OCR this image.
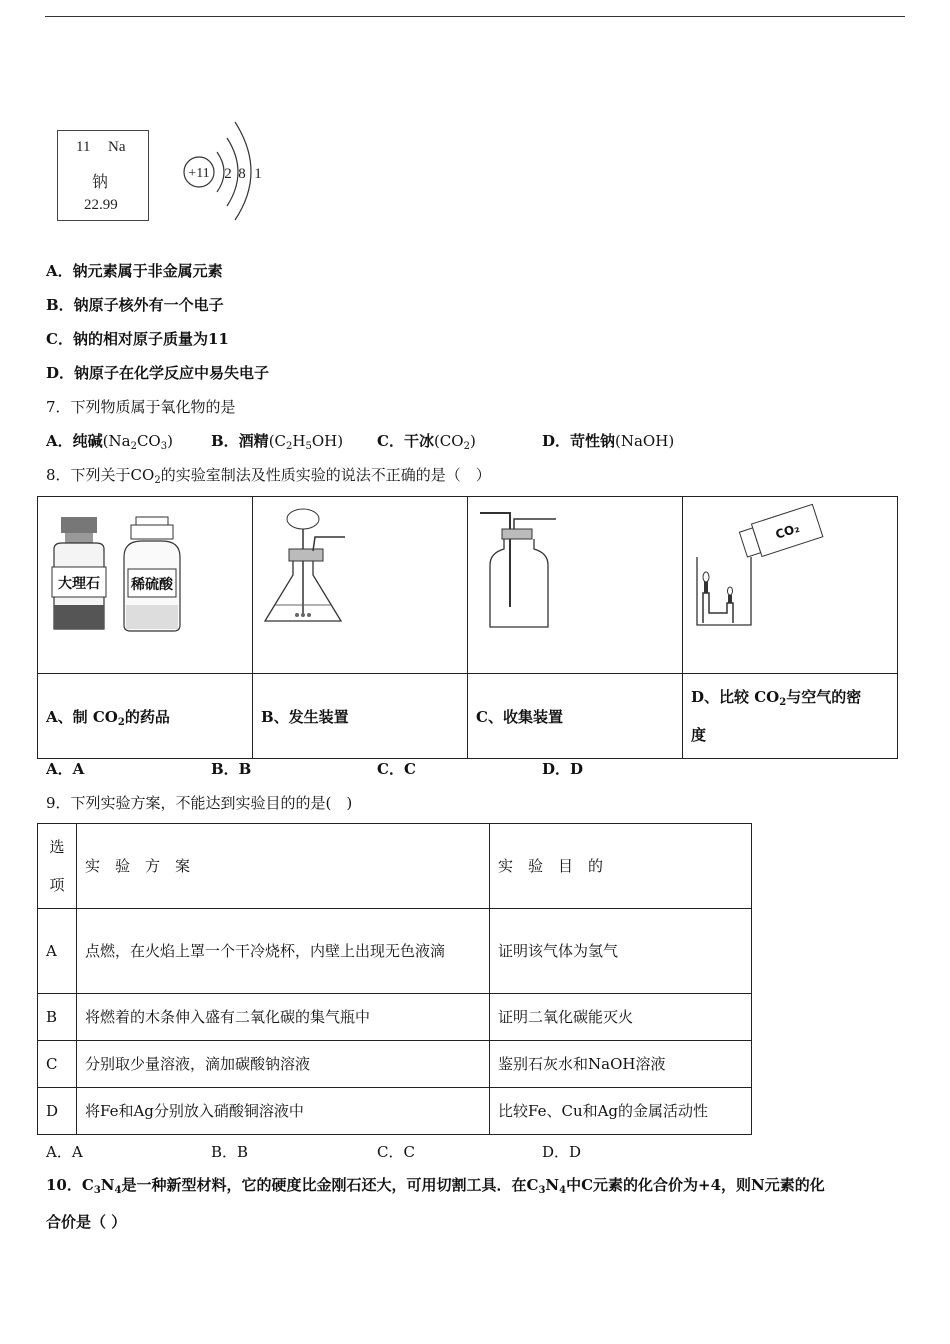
11 Na
钠
22.99
+11 2 8 1
A．钠元素属于非金属元素
B．钠原子核外有一个电子
C．钠的相对原子质量为11
D．钠原子在化学反应中易失电子
7．下列物质属于氧化物的是
A．纯碱$(Na_2CO_3)$	B．酒精$(C_2H_5OH)$ C．干冰$(CO_2)$	D．苛性钠(NaOH)
8．下列关于$CO_2$的实验室制法及性质实验的说法不正确的是（　）
大理石 稀硫酸			CO₂

A、制 $CO_2$的药品	B、发生装置	C、收集装置	D、比较 $CO_2$与空气的密
度
A．A	B．B	C．C	D．D
9．下列实验方案，不能达到实验目的的是(　)
选项	实　验　方　案	实　验　目　的
A	点燃，在火焰上罩一个干冷烧杯，内壁上出现无色液滴	证明该气体为氢气
B	将燃着的木条伸入盛有二氧化碳的集气瓶中	证明二氧化碳能灭火
C	分别取少量溶液，滴加碳酸钠溶液	鉴别石灰水和NaOH溶液
D	将Fe和Ag分别放入硝酸铜溶液中	比较Fe、Cu和Ag的金属活动性
A．A	B．B	C．C	D．D
10．$C_3N_4$是一种新型材料，它的硬度比金刚石还大，可用切割工具．在$C_3N_4$中C元素的化合价为+4，则N元素的化
合价是（ ）
